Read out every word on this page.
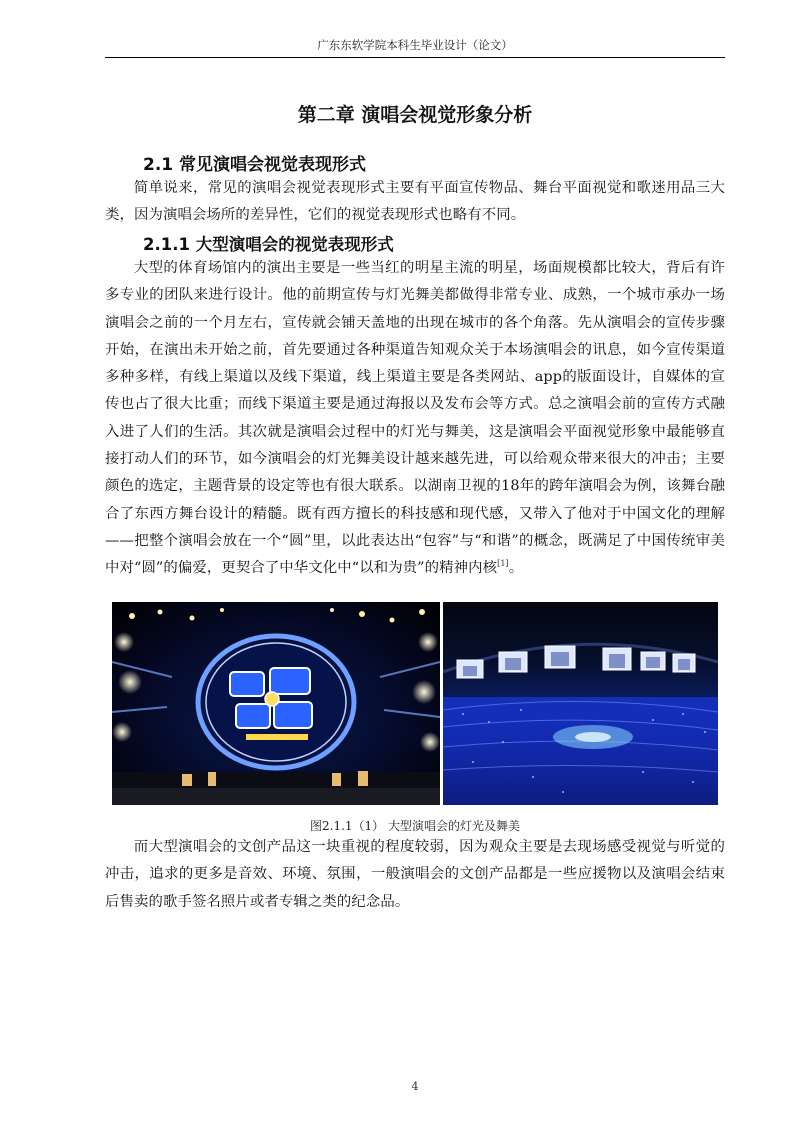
广东东软学院本科生毕业设计（论文）
第二章 演唱会视觉形象分析
2.1 常见演唱会视觉表现形式

简单说来，常见的演唱会视觉表现形式主要有平面宣传物品、舞台平面视觉和歌迷用品三大类，因为演唱会场所的差异性，它们的视觉表现形式也略有不同。

2.1.1 大型演唱会的视觉表现形式

大型的体育场馆内的演出主要是一些当红的明星主流的明星，场面规模都比较大，背后有许多专业的团队来进行设计。他的前期宣传与灯光舞美都做得非常专业、成熟，一个城市承办一场演唱会之前的一个月左右，宣传就会铺天盖地的出现在城市的各个角落。先从演唱会的宣传步骤开始，在演出未开始之前，首先要通过各种渠道告知观众关于本场演唱会的讯息，如今宣传渠道多种多样，有线上渠道以及线下渠道，线上渠道主要是各类网站、app的版面设计，自媒体的宣传也占了很大比重；而线下渠道主要是通过海报以及发布会等方式。总之演唱会前的宣传方式融入进了人们的生活。其次就是演唱会过程中的灯光与舞美，这是演唱会平面视觉形象中最能够直接打动人们的环节，如今演唱会的灯光舞美设计越来越先进，可以给观众带来很大的冲击；主要颜色的选定，主题背景的设定等也有很大联系。以湖南卫视的18年的跨年演唱会为例，该舞台融合了东西方舞台设计的精髓。既有西方擅长的科技感和现代感，又带入了他对于中国文化的理解——把整个演唱会放在一个“圆”里，以此表达出“包容”与“和谐”的概念，既满足了中国传统审美中对“圆”的偏爱，更契合了中华文化中“以和为贵”的精神内核[1]。

图2.1.1（1） 大型演唱会的灯光及舞美

而大型演唱会的文创产品这一块重视的程度较弱，因为观众主要是去现场感受视觉与听觉的冲击，追求的更多是音效、环境、氛围，一般演唱会的文创产品都是一些应援物以及演唱会结束后售卖的歌手签名照片或者专辑之类的纪念品。

4
